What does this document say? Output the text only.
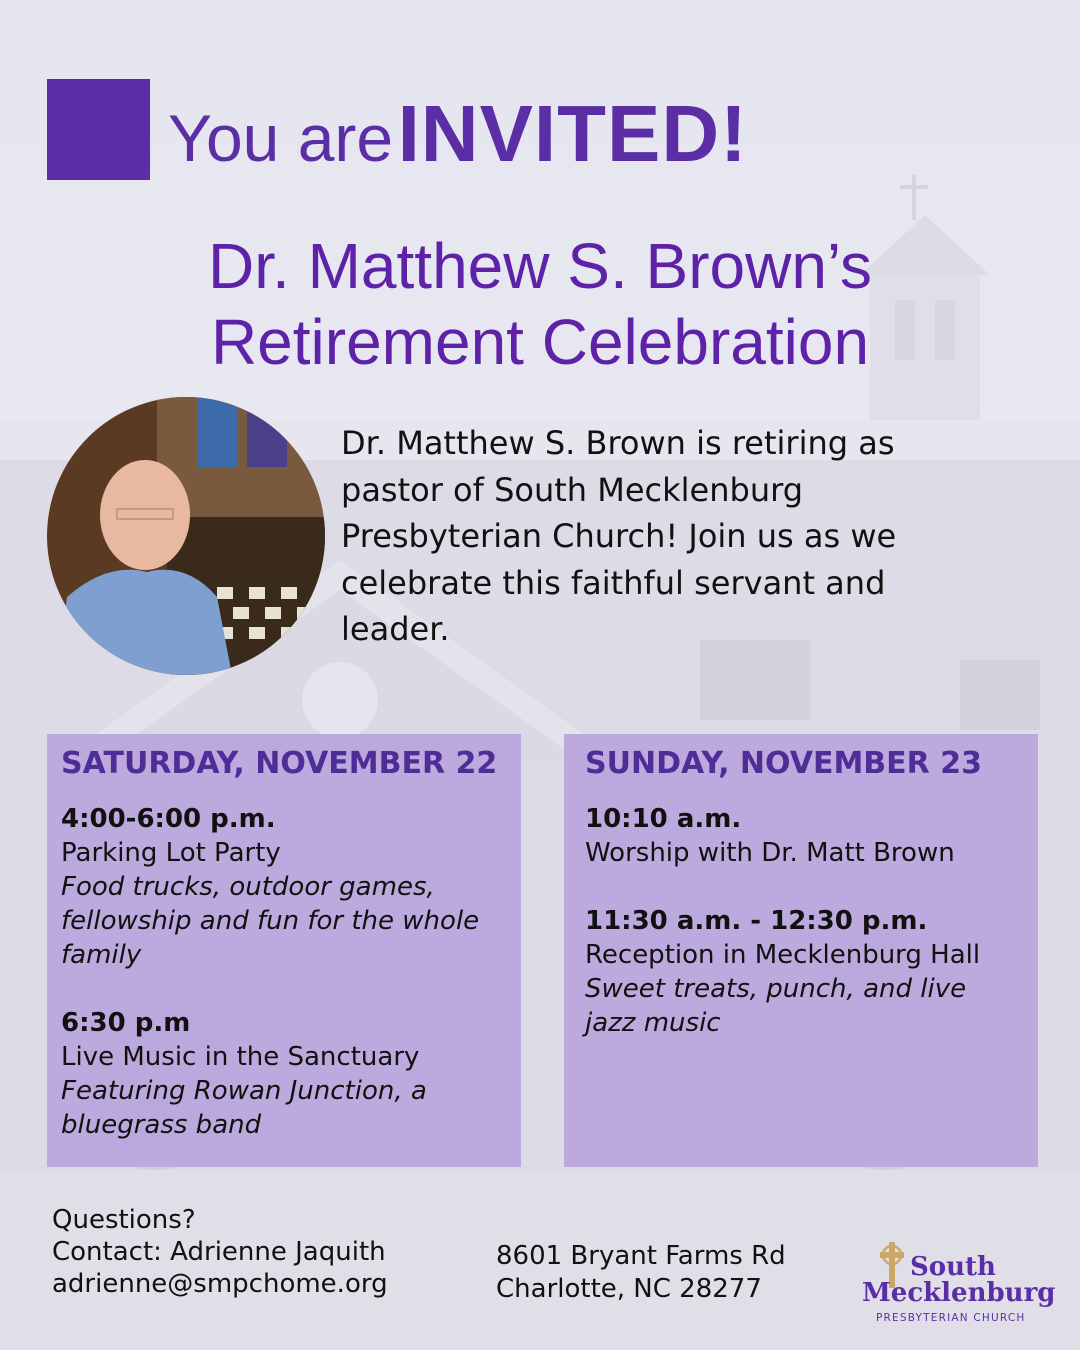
You are INVITED!
Dr. Matthew S. Brown’s
Retirement Celebration
Dr. Matthew S. Brown is retiring as pastor of South Mecklenburg Presbyterian Church! Join us as we celebrate this faithful servant and leader.
SATURDAY, NOVEMBER 22
4:00-6:00 p.m.
Parking Lot Party
Food trucks, outdoor games, fellowship and fun for the whole family
6:30 p.m
Live Music in the Sanctuary
Featuring Rowan Junction, a bluegrass band
SUNDAY, NOVEMBER 23
10:10 a.m.
Worship with Dr. Matt Brown
11:30 a.m. - 12:30 p.m.
Reception in Mecklenburg Hall
Sweet treats, punch, and live jazz music
Questions?
Contact: Adrienne Jaquith
adrienne@smpchome.org
8601 Bryant Farms Rd
Charlotte, NC 28277
South
Mecklenburg
PRESBYTERIAN CHURCH
